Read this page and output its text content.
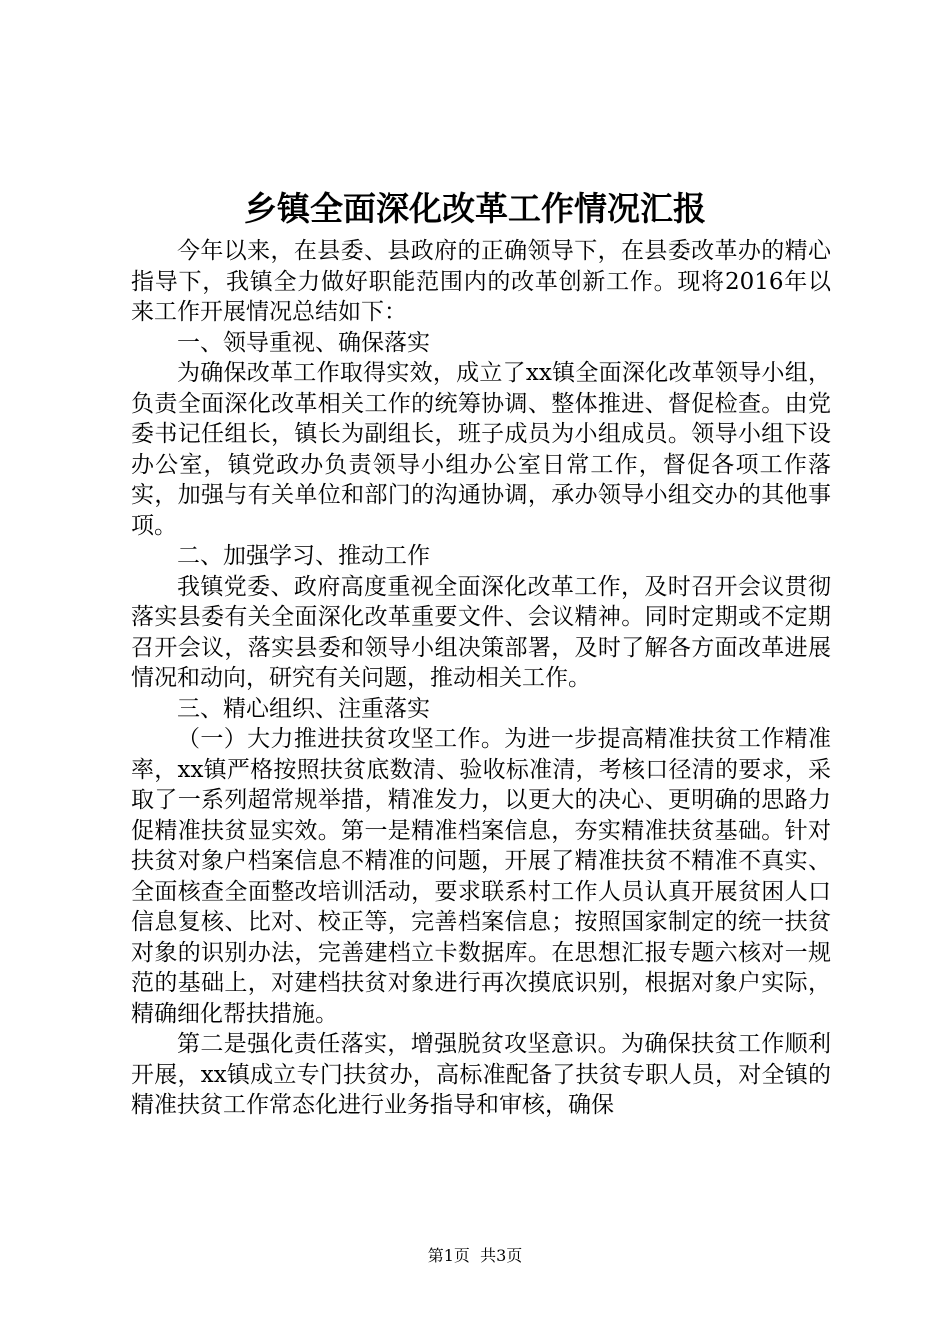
乡镇全面深化改革工作情况汇报

今年以来，在县委、县政府的正确领导下，在县委改革办的精心指导下，我镇全力做好职能范围内的改革创新工作。现将2016年以来工作开展情况总结如下：

一、领导重视、确保落实

为确保改革工作取得实效，成立了xx镇全面深化改革领导小组，负责全面深化改革相关工作的统筹协调、整体推进、督促检查。由党委书记任组长，镇长为副组长，班子成员为小组成员。领导小组下设办公室，镇党政办负责领导小组办公室日常工作，督促各项工作落实，加强与有关单位和部门的沟通协调，承办领导小组交办的其他事项。

二、加强学习、推动工作

我镇党委、政府高度重视全面深化改革工作，及时召开会议贯彻落实县委有关全面深化改革重要文件、会议精神。同时定期或不定期召开会议，落实县委和领导小组决策部署，及时了解各方面改革进展情况和动向，研究有关问题，推动相关工作。

三、精心组织、注重落实

（一）大力推进扶贫攻坚工作。为进一步提高精准扶贫工作精准率，xx镇严格按照扶贫底数清、验收标准清，考核口径清的要求，采取了一系列超常规举措，精准发力，以更大的决心、更明确的思路力促精准扶贫显实效。第一是精准档案信息，夯实精准扶贫基础。针对扶贫对象户档案信息不精准的问题，开展了精准扶贫不精准不真实、全面核查全面整改培训活动，要求联系村工作人员认真开展贫困人口信息复核、比对、校正等，完善档案信息；按照国家制定的统一扶贫对象的识别办法，完善建档立卡数据库。在思想汇报专题六核对一规范的基础上，对建档扶贫对象进行再次摸底识别，根据对象户实际，精确细化帮扶措施。

第二是强化责任落实，增强脱贫攻坚意识。为确保扶贫工作顺利开展，xx镇成立专门扶贫办，高标准配备了扶贫专职人员，对全镇的精准扶贫工作常态化进行业务指导和审核，确保

第1页 共3页
